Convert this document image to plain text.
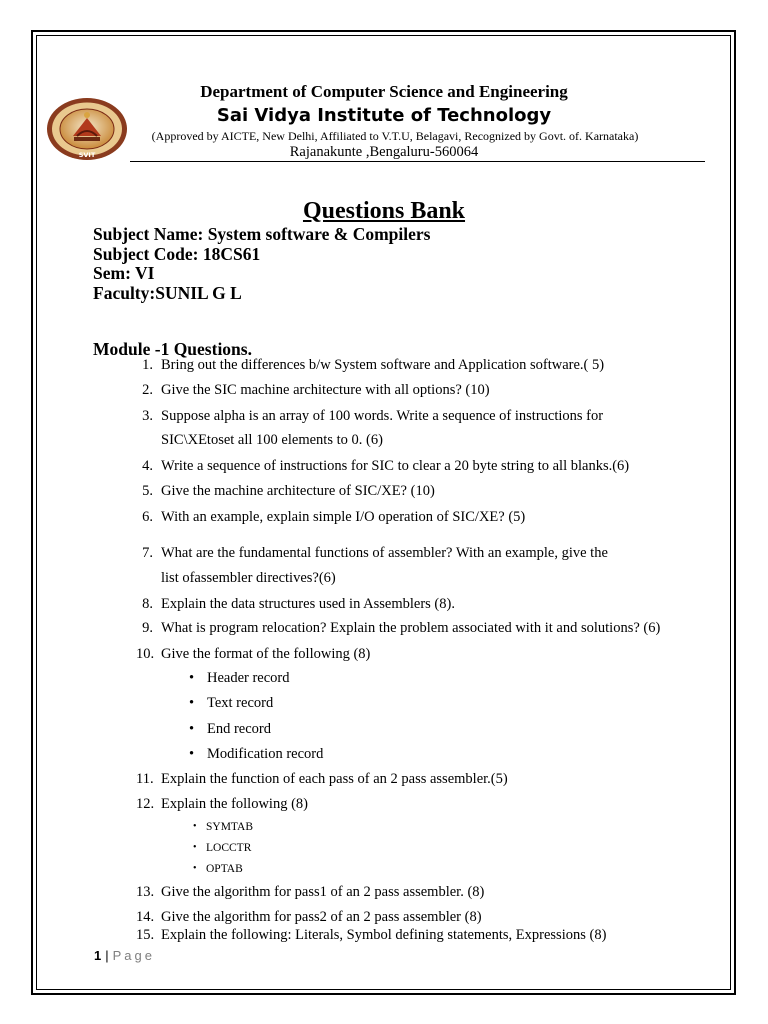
SVIT
Department of Computer Science and Engineering
Sai Vidya Institute of Technology
(Approved by AICTE, New Delhi, Affiliated to V.T.U, Belagavi, Recognized by Govt. of. Karnataka)
Rajanakunte ,Bengaluru-560064
Questions Bank
Subject Name: System software & Compilers
Subject Code: 18CS61
Sem: VI
Faculty:SUNIL G L
Module -1 Questions.
1. Bring out the differences b/w System software and Application software.( 5)
2. Give the SIC machine architecture with all options? (10)
3. Suppose alpha is an array of 100 words. Write a sequence of instructions for
SIC\XEtoset all 100 elements to 0. (6)
4. Write a sequence of instructions for SIC to clear a 20 byte string to all blanks.(6)
5. Give the machine architecture of SIC/XE? (10)
6. With an example, explain simple I/O operation of SIC/XE? (5)
7. What are the fundamental functions of assembler? With an example, give the
list ofassembler directives?(6)
8. Explain the data structures used in Assemblers (8).
9. What is program relocation? Explain the problem associated with it and solutions? (6)
10. Give the format of the following (8)
• Header record
• Text record
• End record
• Modification record
11. Explain the function of each pass of an 2 pass assembler.(5)
12. Explain the following (8)
• SYMTAB
• LOCCTR
• OPTAB
13. Give the algorithm for pass1 of an 2 pass assembler. (8)
14. Give the algorithm for pass2 of an 2 pass assembler (8)
15. Explain the following: Literals, Symbol defining statements, Expressions (8)
1 | Page
